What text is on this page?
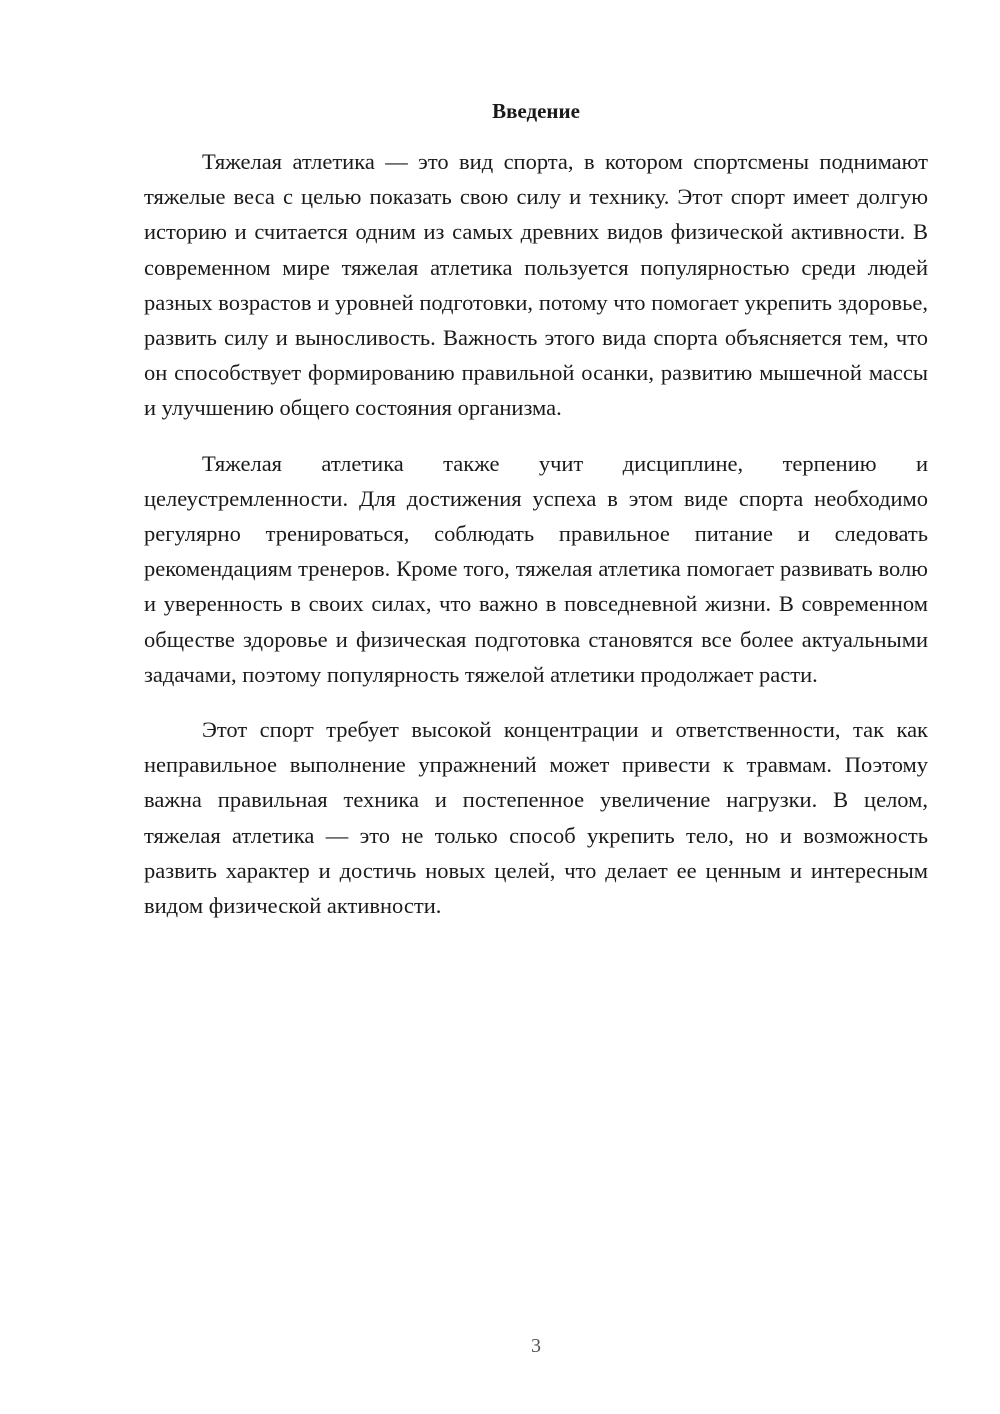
Введение

Тяжелая атлетика — это вид спорта, в котором спортсмены поднимают тяжелые веса с целью показать свою силу и технику. Этот спорт имеет долгую историю и считается одним из самых древних видов физической активности. В современном мире тяжелая атлетика пользуется популярностью среди людей разных возрастов и уровней подготовки, потому что помогает укрепить здоровье, развить силу и выносливость. Важность этого вида спорта объясняется тем, что он способствует формированию правильной осанки, развитию мышечной массы и улучшению общего состояния организма.

Тяжелая атлетика также учит дисциплине, терпению и целеустремленности. Для достижения успеха в этом виде спорта необходимо регулярно тренироваться, соблюдать правильное питание и следовать рекомендациям тренеров. Кроме того, тяжелая атлетика помогает развивать волю и уверенность в своих силах, что важно в повседневной жизни. В современном обществе здоровье и физическая подготовка становятся все более актуальными задачами, поэтому популярность тяжелой атлетики продолжает расти.

Этот спорт требует высокой концентрации и ответственности, так как неправильное выполнение упражнений может привести к травмам. Поэтому важна правильная техника и постепенное увеличение нагрузки. В целом, тяжелая атлетика — это не только способ укрепить тело, но и возможность развить характер и достичь новых целей, что делает ее ценным и интересным видом физической активности.

3
